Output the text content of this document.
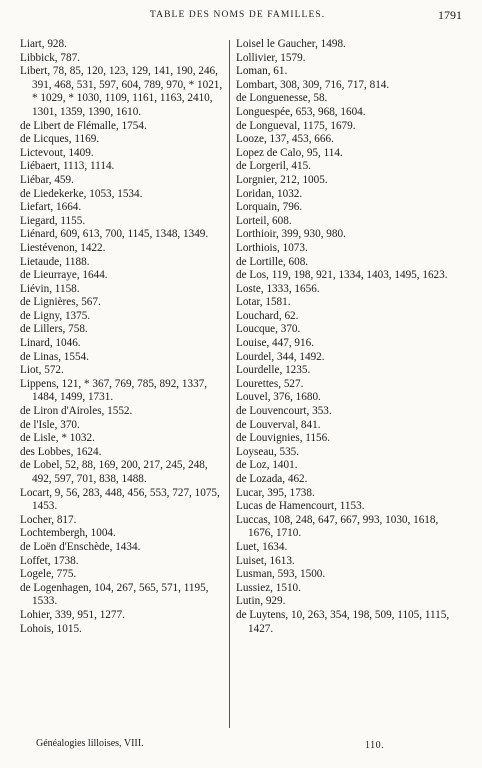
TABLE DES NOMS DE FAMILLES.	1791

Liart, 928.

Libbick, 787.

Libert, 78, 85, 120, 123, 129, 141, 190, 246, 391, 468, 531, 597, 604, 789, 970, * 1021, * 1029, * 1030, 1109, 1161, 1163, 2410, 1301, 1359, 1390, 1610.

de Libert de Flémalle, 1754.

de Licques, 1169.

Lictevout, 1409.

Liébaert, 1113, 1114.

Liébar, 459.

de Liedekerke, 1053, 1534.

Liefart, 1664.

Liegard, 1155.

Liénard, 609, 613, 700, 1145, 1348, 1349.

Liestévenon, 1422.

Lietaude, 1188.

de Lieurraye, 1644.

Liévin, 1158.

de Lignières, 567.

de Ligny, 1375.

de Lillers, 758.

Linard, 1046.

de Linas, 1554.

Liot, 572.

Lippens, 121, * 367, 769, 785, 892, 1337, 1484, 1499, 1731.

de Liron d'Airoles, 1552.

de l'Isle, 370.

de Lisle, * 1032.

des Lobbes, 1624.

de Lobel, 52, 88, 169, 200, 217, 245, 248, 492, 597, 701, 838, 1488.

Locart, 9, 56, 283, 448, 456, 553, 727, 1075, 1453.

Locher, 817.

Lochtembergh, 1004.

de Loën d'Enschède, 1434.

Loffet, 1738.

Logele, 775.

de Logenhagen, 104, 267, 565, 571, 1195, 1533.

Lohier, 339, 951, 1277.

Lohois, 1015.

Loisel le Gaucher, 1498.

Lollivier, 1579.

Loman, 61.

Lombart, 308, 309, 716, 717, 814.

de Longuenesse, 58.

Longuespée, 653, 968, 1604.

de Longueval, 1175, 1679.

Looze, 137, 453, 666.

Lopez de Calo, 95, 114.

de Lorgeril, 415.

Lorgnier, 212, 1005.

Loridan, 1032.

Lorquain, 796.

Lorteil, 608.

Lorthioir, 399, 930, 980.

Lorthiois, 1073.

de Lortille, 608.

de Los, 119, 198, 921, 1334, 1403, 1495, 1623.

Loste, 1333, 1656.

Lotar, 1581.

Louchard, 62.

Loucque, 370.

Louise, 447, 916.

Lourdel, 344, 1492.

Lourdelle, 1235.

Lourettes, 527.

Louvel, 376, 1680.

de Louvencourt, 353.

de Louverval, 841.

de Louvignies, 1156.

Loyseau, 535.

de Loz, 1401.

de Lozada, 462.

Lucar, 395, 1738.

Lucas de Hamencourt, 1153.

Luccas, 108, 248, 647, 667, 993, 1030, 1618, 1676, 1710.

Luet, 1634.

Luiset, 1613.

Lusman, 593, 1500.

Lussiez, 1510.

Lutin, 929.

de Luytens, 10, 263, 354, 198, 509, 1105, 1115, 1427.

Généalogies lilloises, VIII.	110.
